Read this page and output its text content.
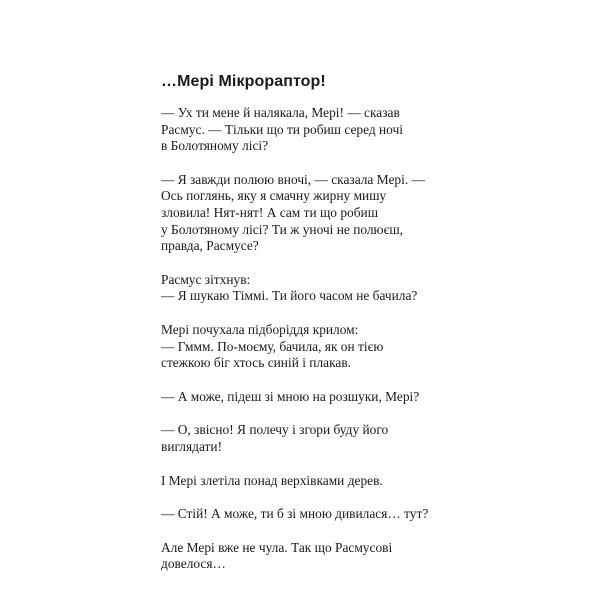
…Мері Мікрораптор!
— Ух ти мене й налякала, Мері! — сказав
Расмус. — Тільки що ти робиш серед ночі
в Болотяному лісі?
— Я завжди полюю вночі, — сказала Мері. —
Ось поглянь, яку я смачну жирну мишу
зловила! Нят-нят! А сам ти що робиш
у Болотяному лісі? Ти ж уночі не полюєш,
правда, Расмусе?
Расмус зітхнув:
— Я шукаю Тіммі. Ти його часом не бачила?
Мері почухала підборіддя крилом:
— Гммм. По-моєму, бачила, як он тією
стежкою біг хтось синій і плакав.
— А може, підеш зі мною на розшуки, Мері?
— О, звісно! Я полечу і згори буду його
виглядати!
І Мері злетіла понад верхівками дерев.
— Стій! А може, ти б зі мною дивилася… тут?
Але Мері вже не чула. Так що Расмусові
довелося…
